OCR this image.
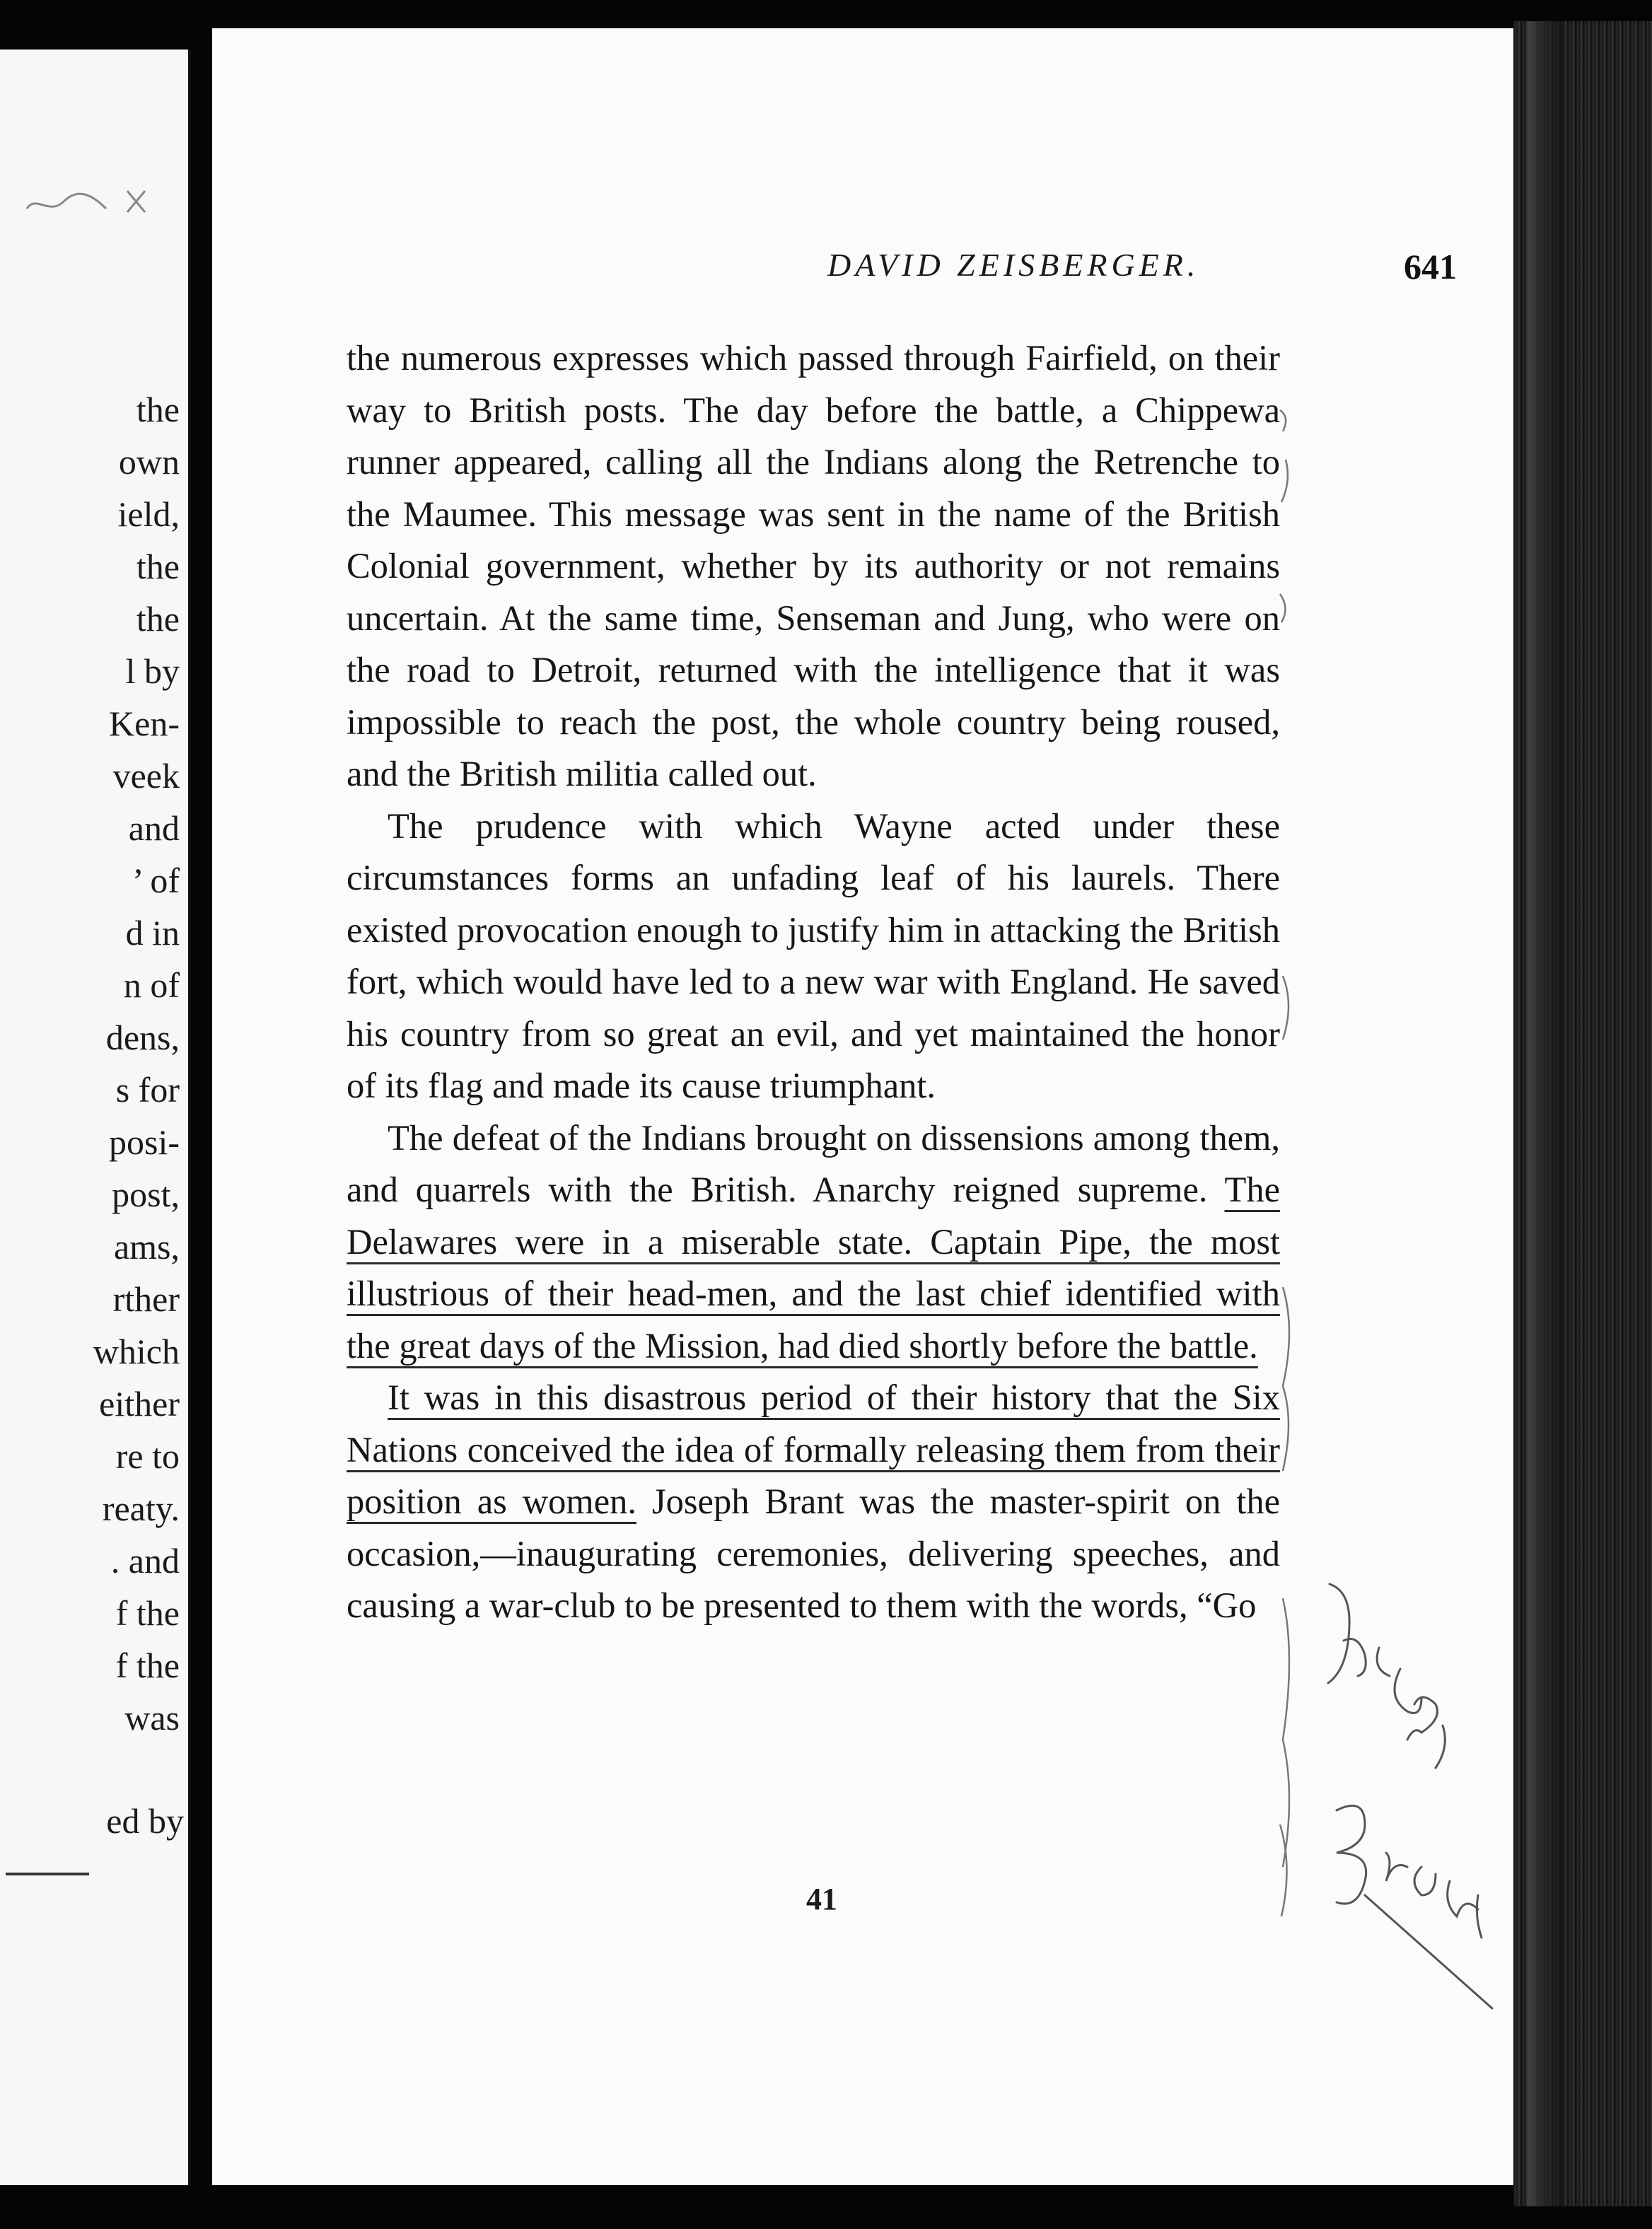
the
own
ield,
the
the
l by
Ken-
veek
and
’ of
d in
n of
dens,
s for
posi-
post,
ams,
rther
which
either
re to
reaty.
. and
f the
f the
was
ed by
DAVID ZEISBERGER.	641

the numerous expresses which passed through Fairfield, on their way to British posts. The day before the battle, a Chippewa runner appeared, calling all the Indians along the Retrenche to the Maumee. This message was sent in the name of the British Colonial government, whether by its authority or not remains uncertain. At the same time, Senseman and Jung, who were on the road to Detroit, returned with the intelligence that it was impossible to reach the post, the whole country being roused, and the British militia called out.

The prudence with which Wayne acted under these circumstances forms an unfading leaf of his laurels. There existed provocation enough to justify him in attacking the British fort, which would have led to a new war with England. He saved his country from so great an evil, and yet maintained the honor of its flag and made its cause triumphant.

The defeat of the Indians brought on dissensions among them, and quarrels with the British. Anarchy reigned supreme. The Delawares were in a miserable state. Captain Pipe, the most illustrious of their head-men, and the last chief identified with the great days of the Mission, had died shortly before the battle.

It was in this disastrous period of their history that the Six Nations conceived the idea of formally releasing them from their position as women. Joseph Brant was the master-spirit on the occasion,—inaugurating ceremonies, delivering speeches, and causing a war-club to be presented to them with the words, “Go

41
